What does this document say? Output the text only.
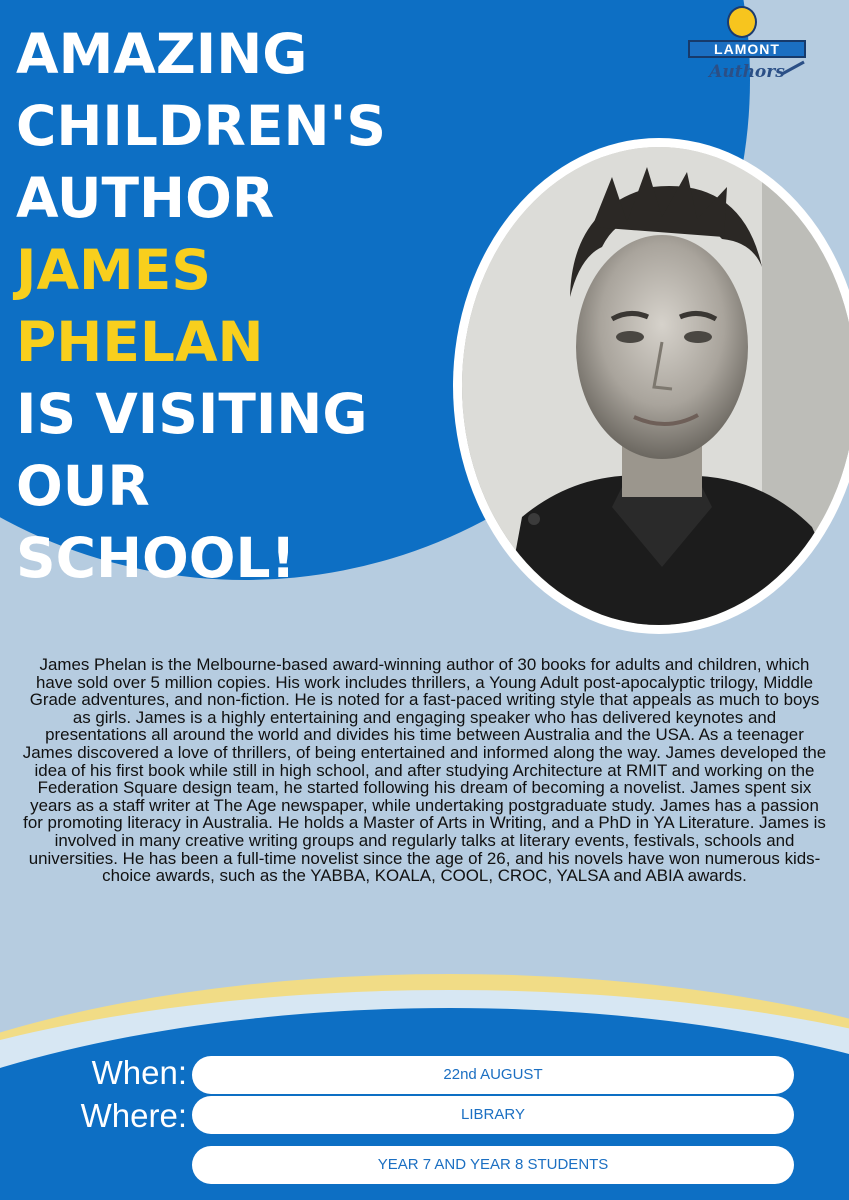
AMAZING
CHILDREN'S
AUTHOR
JAMES
PHELAN
IS VISITING
OUR
SCHOOL!
LAMONT
Authors

James Phelan is the Melbourne-based award-winning author of 30 books for adults and children, which have sold over 5 million copies. His work includes thrillers, a Young Adult post-apocalyptic trilogy, Middle Grade adventures, and non-fiction. He is noted for a fast-paced writing style that appeals as much to boys as girls. James is a highly entertaining and engaging speaker who has delivered keynotes and presentations all around the world and divides his time between Australia and the USA. As a teenager James discovered a love of thrillers, of being entertained and informed along the way. James developed the idea of his first book while still in high school, and after studying Architecture at RMIT and working on the Federation Square design team, he started following his dream of becoming a novelist. James spent six years as a staff writer at The Age newspaper, while undertaking postgraduate study. James has a passion for promoting literacy in Australia. He holds a Master of Arts in Writing, and a PhD in YA Literature. James is involved in many creative writing groups and regularly talks at literary events, festivals, schools and universities. He has been a full-time novelist since the age of 26, and his novels have won numerous kids-choice awards, such as the YABBA, KOALA, COOL, CROC, YALSA and ABIA awards.

When:	22nd AUGUST
Where:	LIBRARY
YEAR 7 AND YEAR 8 STUDENTS
